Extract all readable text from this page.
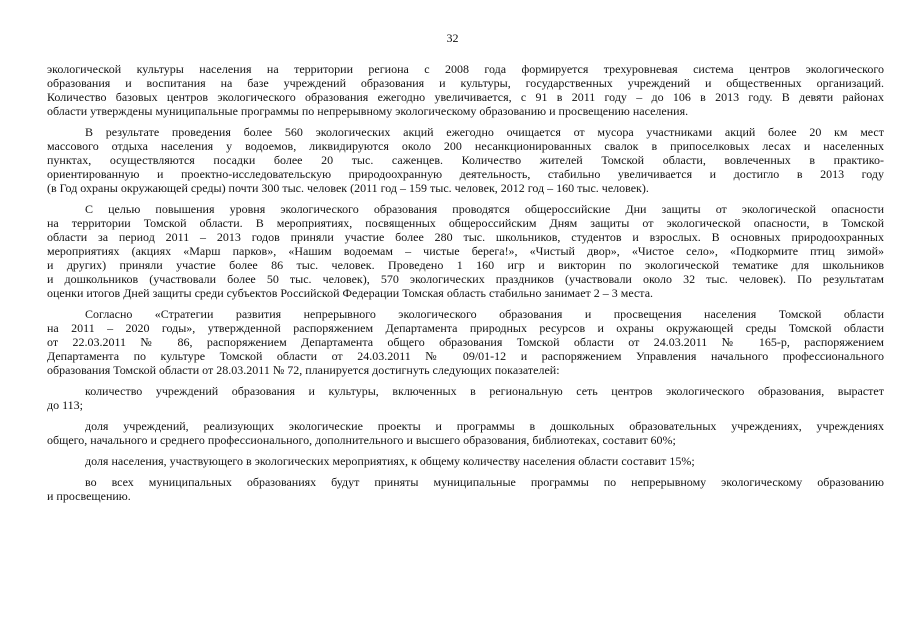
32
экологической культуры населения на территории региона с 2008 года формируется трехуровневая система центров экологического
образования и воспитания на базе учреждений образования и культуры, государственных учреждений и общественных организаций.
Количество базовых центров экологического образования ежегодно увеличивается, с 91 в 2011 году – до 106 в 2013 году. В девяти районах
области утверждены муниципальные программы по непрерывному экологическому образованию и просвещению населения.
В результате проведения более 560 экологических акций ежегодно очищается от мусора участниками акций более 20 км мест
массового отдыха населения у водоемов, ликвидируются около 200 несанкционированных свалок в припоселковых лесах и населенных
пунктах, осуществляются посадки более 20 тыс. саженцев. Количество жителей Томской области, вовлеченных в практико-
ориентированную и проектно-исследовательскую природоохранную деятельность, стабильно увеличивается и достигло в 2013 году
(в Год охраны окружающей среды) почти 300 тыс. человек (2011 год – 159 тыс. человек, 2012 год – 160 тыс. человек).
С целью повышения уровня экологического образования проводятся общероссийские Дни защиты от экологической опасности
на территории Томской области. В мероприятиях, посвященных общероссийским Дням защиты от экологической опасности, в Томской
области за период 2011 – 2013 годов приняли участие более 280 тыс. школьников, студентов и взрослых. В основных природоохранных
мероприятиях (акциях «Марш парков», «Нашим водоемам – чистые берега!», «Чистый двор», «Чистое село», «Подкормите птиц зимой»
и других) приняли участие более 86 тыс. человек. Проведено 1 160 игр и викторин по экологической тематике для школьников
и дошкольников (участвовали более 50 тыс. человек), 570 экологических праздников (участвовали около 32 тыс. человек). По результатам
оценки итогов Дней защиты среди субъектов Российской Федерации Томская область стабильно занимает 2 – 3 места.
Согласно «Стратегии развития непрерывного экологического образования и просвещения населения Томской области
на 2011 – 2020 годы», утвержденной распоряжением Департамента природных ресурсов и охраны окружающей среды Томской области
от 22.03.2011 № 86, распоряжением Департамента общего образования Томской области от 24.03.2011 № 165-р, распоряжением
Департамента по культуре Томской области от 24.03.2011 № 09/01-12 и распоряжением Управления начального профессионального
образования Томской области от 28.03.2011 № 72, планируется достигнуть следующих показателей:
количество учреждений образования и культуры, включенных в региональную сеть центров экологического образования, вырастет
до 113;
доля учреждений, реализующих экологические проекты и программы в дошкольных образовательных учреждениях, учреждениях
общего, начального и среднего профессионального, дополнительного и высшего образования, библиотеках, составит 60%;
доля населения, участвующего в экологических мероприятиях, к общему количеству населения области составит 15%;
во всех муниципальных образованиях будут приняты муниципальные программы по непрерывному экологическому образованию
и просвещению.
